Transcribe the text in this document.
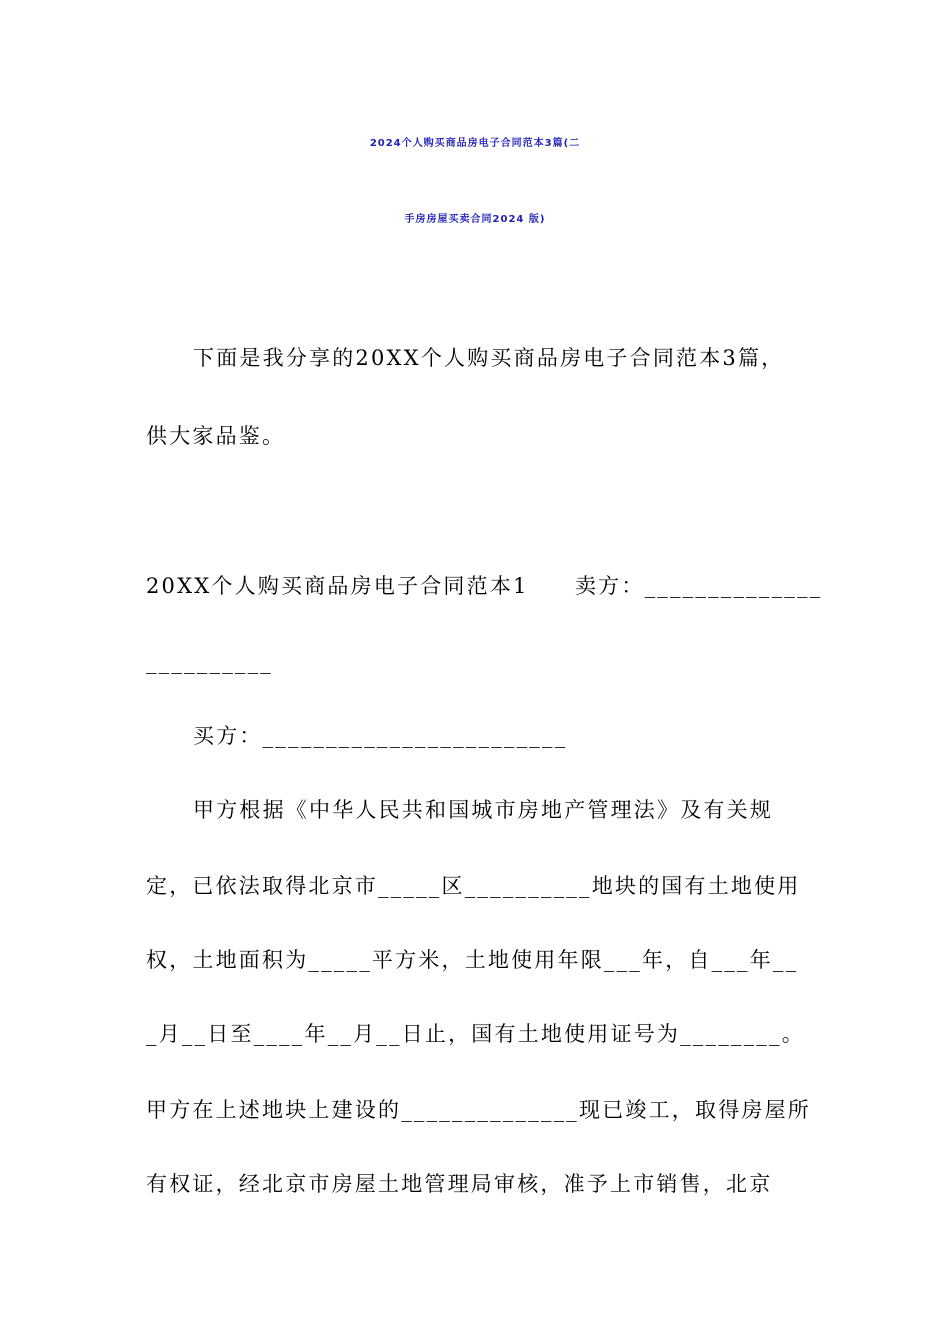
2024个人购买商品房电子合同范本3篇(二
手房房屋买卖合同2024 版)

下面是我分享的20XX个人购买商品房电子合同范本3篇，

供大家品鉴。

20XX个人购买商品房电子合同范本1　　卖方：______________

__________

买方：________________________

甲方根据《中华人民共和国城市房地产管理法》及有关规

定，已依法取得北京市_____区__________地块的国有土地使用

权，土地面积为_____平方米，土地使用年限___年，自___年__

_月__日至____年__月__日止，国有土地使用证号为________。

甲方在上述地块上建设的______________现已竣工，取得房屋所

有权证，经北京市房屋土地管理局审核，准予上市销售，北京
